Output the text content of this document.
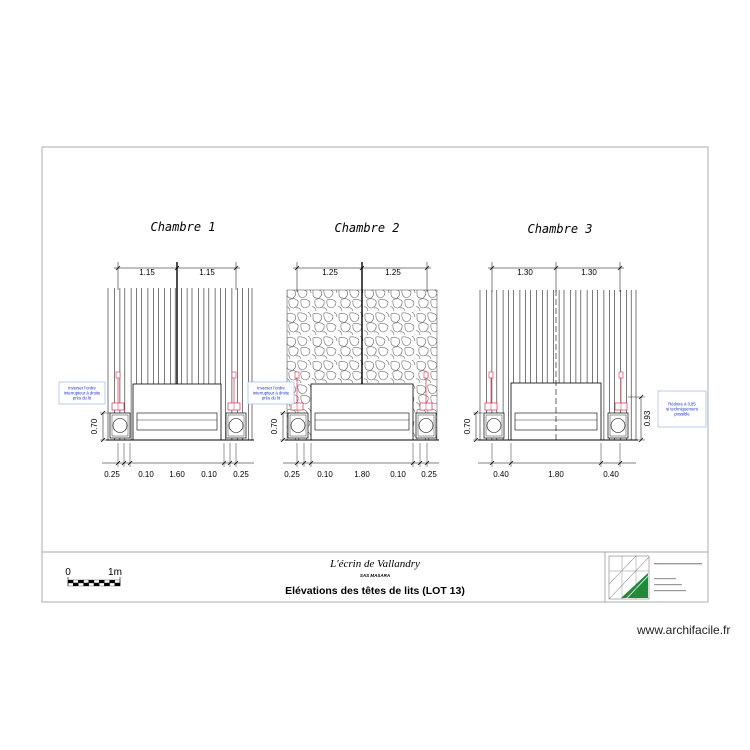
Chambre 1
1.15	1.15
0.25 0.10 1.60 0.10 0.25
0.70
Inverser l'ordre
Interrupteur à droite
près du lit
Chambre 2
1.25	1.25
0.25 0.10	1.80	0.10 0.25
0.70
Inverser l'ordre
Interrupteur à droite
près du lit
Chambre 3
1.30	1.30
0.40	1.80	0.40
0.70
0.93
Réduire à 0,85
si techniquement
possible
0	1m
L'écrin de Vallandry
SAS MASARA
Elévations des têtes de lits (LOT 13)
www.archifacile.fr
